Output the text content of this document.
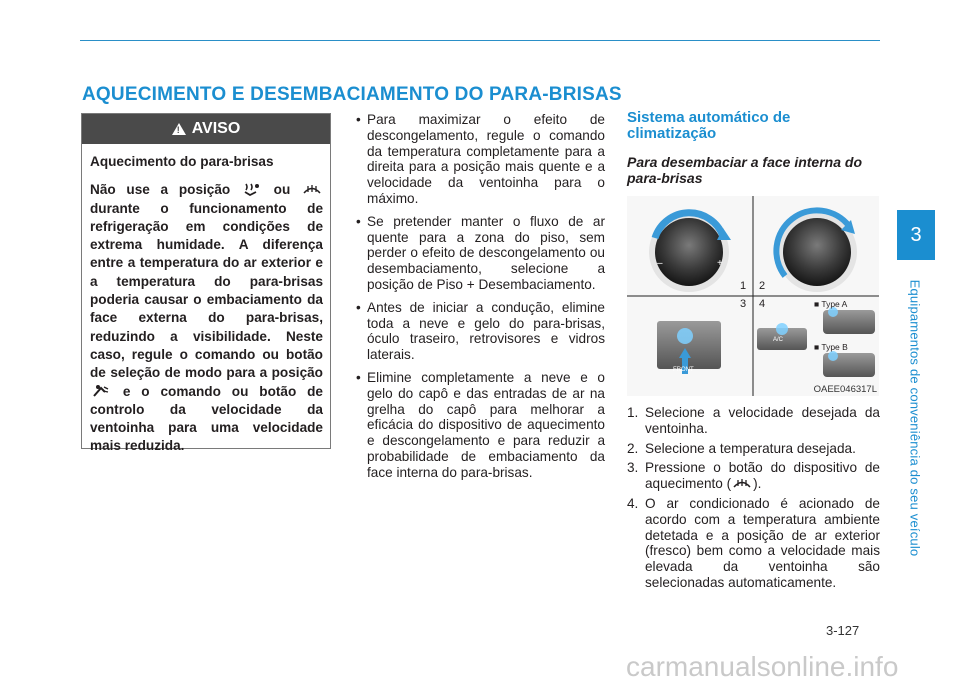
AQUECIMENTO E DESEMBACIAMENTO DO PARA-BRISAS
! AVISO

Aquecimento do para-brisas

Não use a posição	ou  durante o funcionamento de refrigeração em condições de extrema humidade. A diferença entre a temperatura do ar exterior e a temperatura do para-brisas poderia causar o embaciamento da face externa do para-brisas, reduzindo a visibilidade. Neste caso, regule o comando ou botão de seleção de modo para a posição  e o comando ou botão de controlo da velocidade da ventoinha para uma velocidade mais reduzida.

• Para maximizar o efeito de descongelamento, regule o comando da temperatura completamente para a direita para a posição mais quente e a velocidade da ventoinha para o máximo.
• Se pretender manter o fluxo de ar quente para a zona do piso, sem perder o efeito de descongelamento ou desembaciamento, selecione a posição de Piso + Desembaciamento.
• Antes de iniciar a condução, elimine toda a neve e gelo do para-brisas, óculo traseiro, retrovisores e vidros laterais.
• Elimine completamente a neve e o gelo do capô e das entradas de ar na grelha do capô para melhorar a eficácia do dispositivo de aquecimento e descongelamento e para reduzir a probabilidade de embaciamento da face interna do para-brisas.
Sistema automático de climatização
Para desembaciar a face interna do para-brisas
–	+
FRONT
A/C
1 2
3 4	■ Type A
■ Type B
OAEE046317L
1. Selecione a velocidade desejada da ventoinha.
2. Selecione a temperatura desejada.
3. Pressione o botão do dispositivo de aquecimento ( ).
4. O ar condicionado é acionado de acordo com a temperatura ambiente detetada e a posição de ar exterior (fresco) bem como a velocidade mais elevada da ventoinha são selecionadas automaticamente.
3
Equipamentos de conveniência do seu veículo
3-127
carmanualsonline.info
